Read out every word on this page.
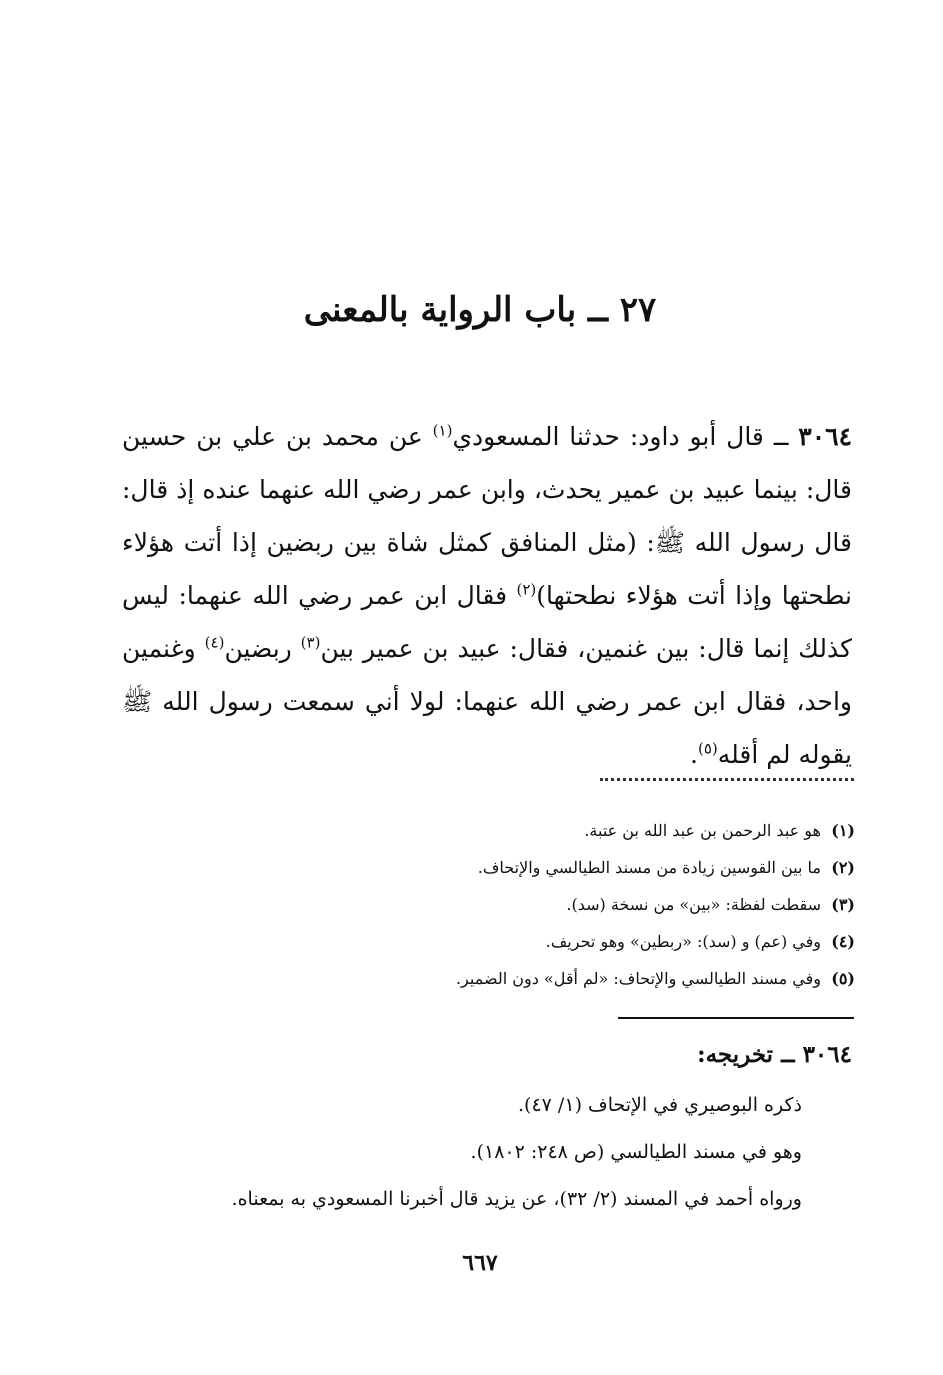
٢٧ ــ باب الرواية بالمعنى

٣٠٦٤ ــ قال أبو داود: حدثنا المسعودي$^{(١)}$ عن محمد بن علي بن حسين قال: بينما عبيد بن عمير يحدث، وابن عمر رضي الله عنهما عنده إذ قال: قال رسول الله ﷺ: (مثل المنافق كمثل شاة بين ربضين إذا أتت هؤلاء نطحتها وإذا أتت هؤلاء نطحتها)$^{(٢)}$ فقال ابن عمر رضي الله عنهما: ليس كذلك إنما قال: بين غنمين، فقال: عبيد بن عمير بين$^{(٣)}$ ربضين$^{(٤)}$ وغنمين واحد، فقال ابن عمر رضي الله عنهما: لولا أني سمعت رسول الله ﷺ يقوله لم أقله$^{(٥)}$.

(١)هو عبد الرحمن بن عبد الله بن عتبة.
(٢)ما بين القوسين زيادة من مسند الطيالسي والإتحاف.
(٣)سقطت لفظة: «بين» من نسخة (سد).
(٤)وفي (عم) و (سد): «ربطين» وهو تحريف.
(٥)وفي مسند الطيالسي والإتحاف: «لم أقل» دون الضمير.
٣٠٦٤ ــ تخريجه:
ذكره البوصيري في الإتحاف (١/ ٤٧).
وهو في مسند الطيالسي (ص ٢٤٨: ١٨٠٢).
ورواه أحمد في المسند (٢/ ٣٢)، عن يزيد قال أخبرنا المسعودي به بمعناه.
٦٦٧
